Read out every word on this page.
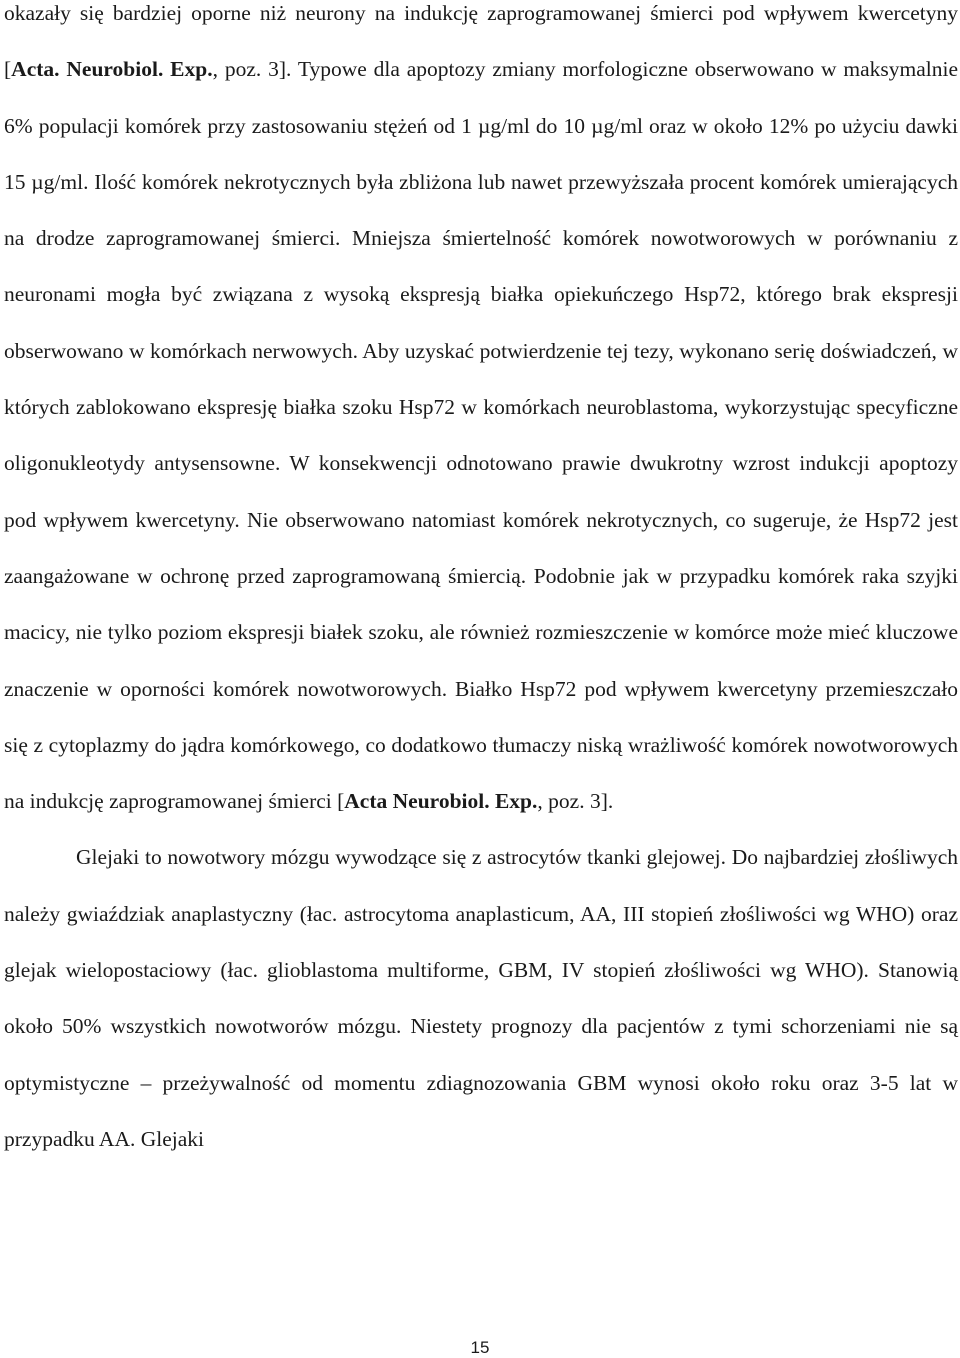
okazały się bardziej oporne niż neurony na indukcję zaprogramowanej śmierci pod wpływem kwercetyny [Acta. Neurobiol. Exp., poz. 3]. Typowe dla apoptozy zmiany morfologiczne obserwowano w maksymalnie 6% populacji komórek przy zastosowaniu stężeń od 1 µg/ml do 10 µg/ml oraz w około 12% po użyciu dawki 15 µg/ml. Ilość komórek nekrotycznych była zbliżona lub nawet przewyższała procent komórek umierających na drodze zaprogramowanej śmierci. Mniejsza śmiertelność komórek nowotworowych w porównaniu z neuronami mogła być związana z wysoką ekspresją białka opiekuńczego Hsp72, którego brak ekspresji obserwowano w komórkach nerwowych. Aby uzyskać potwierdzenie tej tezy, wykonano serię doświadczeń, w których zablokowano ekspresję białka szoku Hsp72 w komórkach neuroblastoma, wykorzystując specyficzne oligonukleotydy antysensowne. W konsekwencji odnotowano prawie dwukrotny wzrost indukcji apoptozy pod wpływem kwercetyny. Nie obserwowano natomiast komórek nekrotycznych, co sugeruje, że Hsp72 jest zaangażowane w ochronę przed zaprogramowaną śmiercią. Podobnie jak w przypadku komórek raka szyjki macicy, nie tylko poziom ekspresji białek szoku, ale również rozmieszczenie w komórce może mieć kluczowe znaczenie w oporności komórek nowotworowych. Białko Hsp72 pod wpływem kwercetyny przemieszczało się z cytoplazmy do jądra komórkowego, co dodatkowo tłumaczy niską wrażliwość komórek nowotworowych na indukcję zaprogramowanej śmierci [Acta Neurobiol. Exp., poz. 3].

Glejaki to nowotwory mózgu wywodzące się z astrocytów tkanki glejowej. Do najbardziej złośliwych należy gwiaździak anaplastyczny (łac. astrocytoma anaplasticum, AA, III stopień złośliwości wg WHO) oraz glejak wielopostaciowy (łac. glioblastoma multiforme, GBM, IV stopień złośliwości wg WHO). Stanowią około 50% wszystkich nowotworów mózgu. Niestety prognozy dla pacjentów z tymi schorzeniami nie są optymistyczne – przeżywalność od momentu zdiagnozowania GBM wynosi około roku oraz 3-5 lat w przypadku AA. Glejaki

15
